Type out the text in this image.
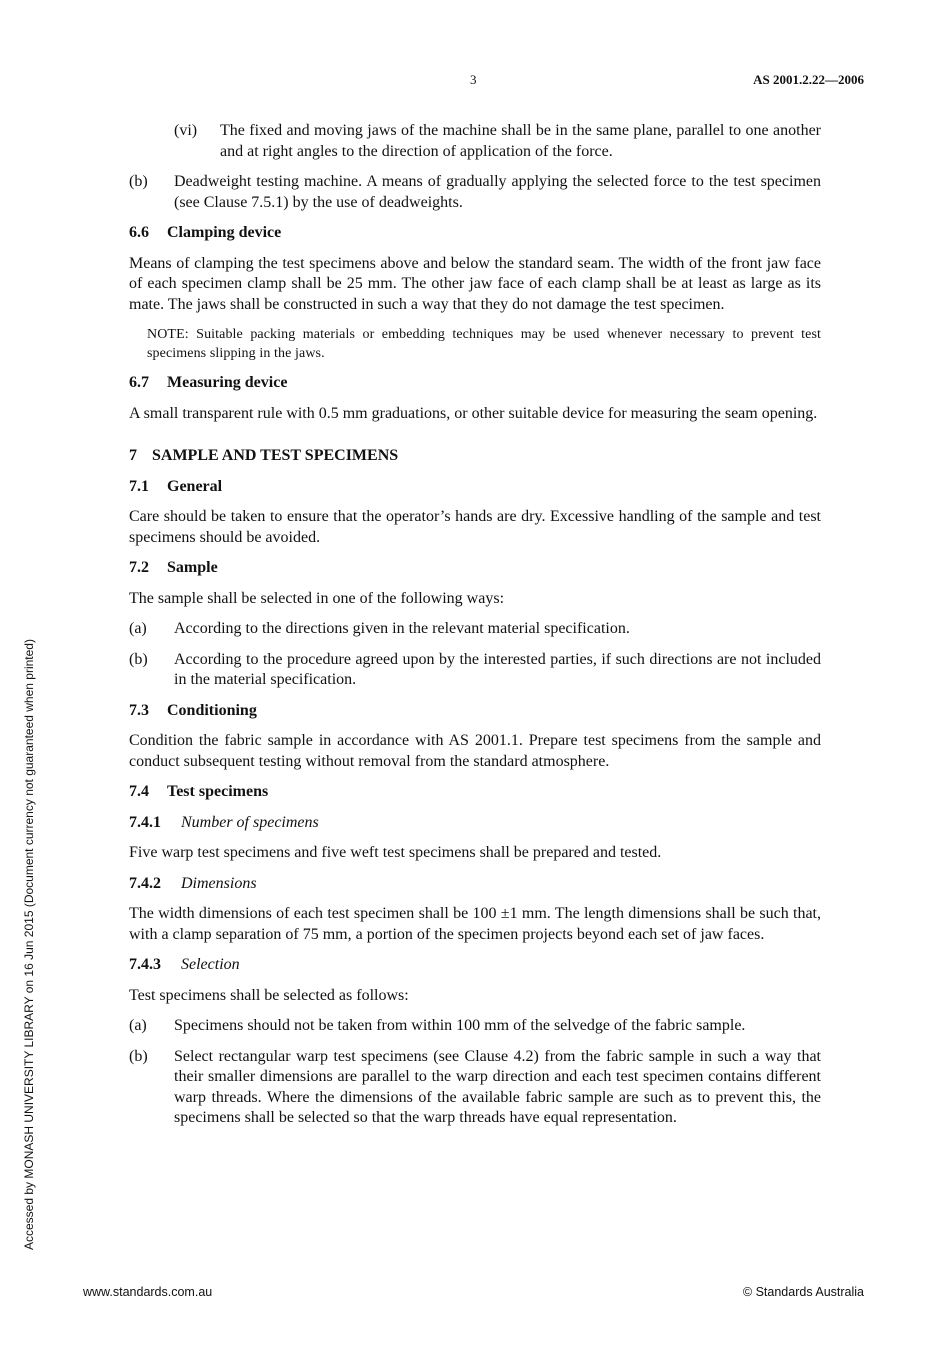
3	AS 2001.2.22—2006
Accessed by MONASH UNIVERSITY LIBRARY on 16 Jun 2015 (Document currency not guaranteed when printed)
(vi)	The fixed and moving jaws of the machine shall be in the same plane, parallel to one another and at right angles to the direction of application of the force.
(b)	Deadweight testing machine. A means of gradually applying the selected force to the test specimen (see Clause 7.5.1) by the use of deadweights.
6.6 Clamping device
Means of clamping the test specimens above and below the standard seam. The width of the front jaw face of each specimen clamp shall be 25 mm. The other jaw face of each clamp shall be at least as large as its mate. The jaws shall be constructed in such a way that they do not damage the test specimen.
NOTE: Suitable packing materials or embedding techniques may be used whenever necessary to prevent test specimens slipping in the jaws.
6.7 Measuring device
A small transparent rule with 0.5 mm graduations, or other suitable device for measuring the seam opening.
7 SAMPLE AND TEST SPECIMENS
7.1 General
Care should be taken to ensure that the operator’s hands are dry. Excessive handling of the sample and test specimens should be avoided.
7.2 Sample
The sample shall be selected in one of the following ways:
(a)	According to the directions given in the relevant material specification.
(b)	According to the procedure agreed upon by the interested parties, if such directions are not included in the material specification.
7.3 Conditioning
Condition the fabric sample in accordance with AS 2001.1. Prepare test specimens from the sample and conduct subsequent testing without removal from the standard atmosphere.
7.4 Test specimens
7.4.1 Number of specimens
Five warp test specimens and five weft test specimens shall be prepared and tested.
7.4.2 Dimensions
The width dimensions of each test specimen shall be 100 ±1 mm. The length dimensions shall be such that, with a clamp separation of 75 mm, a portion of the specimen projects beyond each set of jaw faces.
7.4.3 Selection
Test specimens shall be selected as follows:
(a)	Specimens should not be taken from within 100 mm of the selvedge of the fabric sample.
(b)	Select rectangular warp test specimens (see Clause 4.2) from the fabric sample in such a way that their smaller dimensions are parallel to the warp direction and each test specimen contains different warp threads. Where the dimensions of the available fabric sample are such as to prevent this, the specimens shall be selected so that the warp threads have equal representation.
www.standards.com.au	© Standards Australia
